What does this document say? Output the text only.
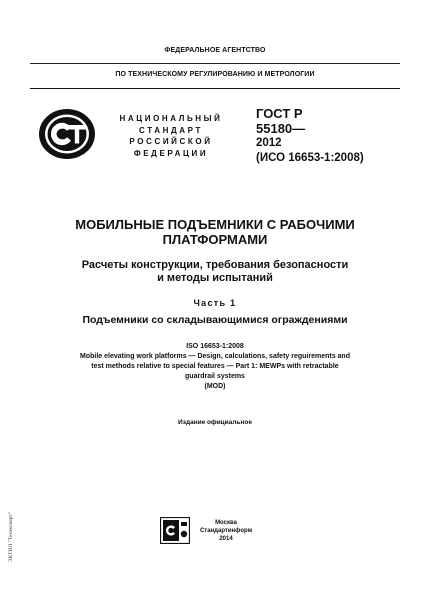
ФЕДЕРАЛЬНОЕ АГЕНТСТВО
ПО ТЕХНИЧЕСКОМУ РЕГУЛИРОВАНИЮ И МЕТРОЛОГИИ
НАЦИОНАЛЬНЫЙ
СТАНДАРТ
РОССИЙСКОЙ
ФЕДЕРАЦИИ
ГОСТ Р
55180—
2012
(ИСО 16653-1:2008)
МОБИЛЬНЫЕ ПОДЪЕМНИКИ С РАБОЧИМИ
ПЛАТФОРМАМИ
Расчеты конструкции, требования безопасности
и методы испытаний
Часть 1
Подъемники со складывающимися ограждениями
ISO 16653-1:2008
Mobile elevating work platforms — Design, calculations, safety reguirements and
test methods relative to special features — Part 1: MEWPs with retractable
guardrail systems
(MOD)
Издание официальное
Москва
Стандартинформ
2014
ЭКТИЛ "Техэксперт"
